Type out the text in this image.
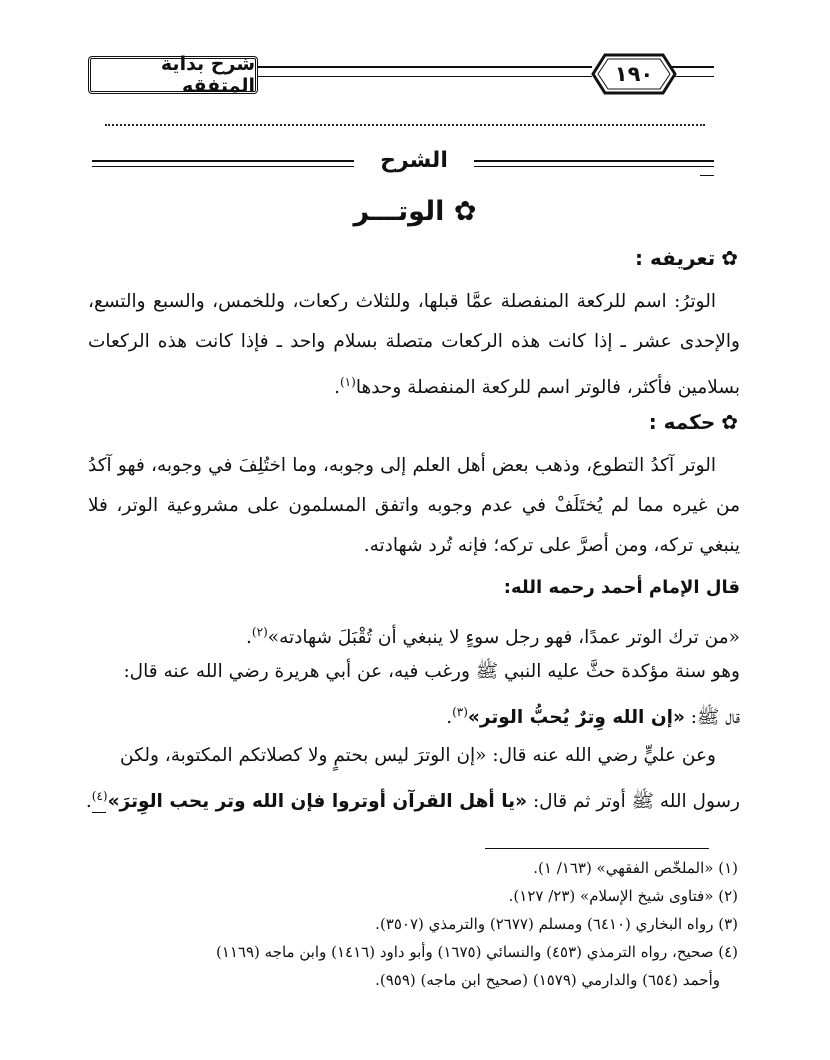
شرح بداية المتفقه	١٩٠
الشرح
✿ الوتـــر
✿تعريفه :
الوترُ: اسم للركعة المنفصلة عمَّا قبلها، وللثلاث ركعات، وللخمس، والسبع والتسع، والإحدى عشر ـ إذا كانت هذه الركعات متصلة بسلام واحد ـ فإذا كانت هذه الركعات بسلامين فأكثر، فالوتر اسم للركعة المنفصلة وحدها$^{(١)}$.
✿حكمه :
الوتر آكدُ التطوع، وذهب بعض أهل العلم إلى وجوبه، وما اختُلِفَ في وجوبه، فهو آكدُ من غيره مما لم يُختَلَفْ في عدم وجوبه واتفق المسلمون على مشروعية الوتر، فلا ينبغي تركه، ومن أصرَّ على تركه؛ فإنه تُرد شهادته.
قال الإمام أحمد رحمه الله:
«من ترك الوتر عمدًا، فهو رجل سوءٍ لا ينبغي أن تُقْبَلَ شهادته»$^{(٢)}$.
وهو سنة مؤكدة حثَّ عليه النبي ﷺ ورغب فيه، عن أبي هريرة رضي الله عنه قال:
قال ﷺ: «إن الله وِترٌ يُحبُّ الوتر»$^{(٣)}$.
وعن عليٍّ رضي الله عنه قال: «إن الوترَ ليس بحتمٍ ولا كصلاتكم المكتوبة، ولكن
رسول الله ﷺ أوتر ثم قال: «يا أهل القرآن أوتروا فإن الله وتر يحب الوِترَ»$^{(٤)}$.
(١) «الملخّص الفقهي» (١٦٣/ ١).
(٢) «فتاوى شيخ الإسلام» (٢٣/ ١٢٧).
(٣) رواه البخاري (٦٤١٠) ومسلم (٢٦٧٧) والترمذي (٣٥٠٧).
(٤) صحيح، رواه الترمذي (٤٥٣) والنسائي (١٦٧٥) وأبو داود (١٤١٦) وابن ماجه (١١٦٩)
وأحمد (٦٥٤) والدارمي (١٥٧٩) (صحيح ابن ماجه) (٩٥٩).
